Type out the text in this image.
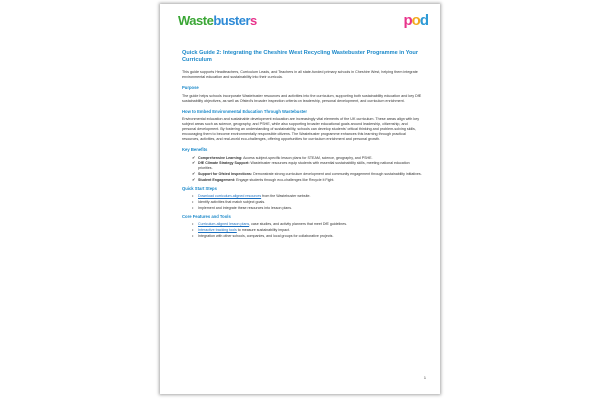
Wastebusters	pod
Quick Guide 2: Integrating the Cheshire West Recycling Wastebuster Programme in Your Curriculum

This guide supports Headteachers, Curriculum Leads, and Teachers in all state-funded primary schools in Cheshire West, helping them integrate environmental education and sustainability into their curricula.

Purpose

The guide helps schools incorporate Wastebuster resources and activities into the curriculum, supporting both sustainability education and key DfE sustainability objectives, as well as Ofsted's broader inspection criteria on leadership, personal development, and curriculum enrichment.

How to Embed Environmental Education Through Wastebuster

Environmental education and sustainable development education are increasingly vital elements of the UK curriculum. These areas align with key subject areas such as science, geography, and PSHE, while also supporting broader educational goals around leadership, citizenship, and personal development. By fostering an understanding of sustainability, schools can develop students' critical thinking and problem-solving skills, encouraging them to become environmentally responsible citizens. The Wastebuster programme enhances this learning through practical resources, activities, and real-world eco-challenges, offering opportunities for curriculum enrichment and personal growth.

Key Benefits
✔ Comprehensive Learning: Access subject-specific lesson plans for STEAM, science, geography, and PSHE.
✔ DfE Climate Strategy Support: Wastebuster resources equip students with essential sustainability skills, meeting national education priorities.
✔ Support for Ofsted Inspections: Demonstrate strong curriculum development and community engagement through sustainability initiatives.
✔ Student Engagement: Engage students through eco-challenges like Recycle it Fight.
Quick Start Steps
• Download curriculum-aligned resources from the Wastebuster website.
• Identify activities that match subject goals.
• Implement and integrate these resources into lesson plans.
Core Features and Tools
• Curriculum-aligned lesson plans, case studies, and activity planners that meet DfE guidelines.
• Interactive tracking tools to measure sustainability impact.
• Integration with other schools, companies, and local groups for collaborative projects.
1
